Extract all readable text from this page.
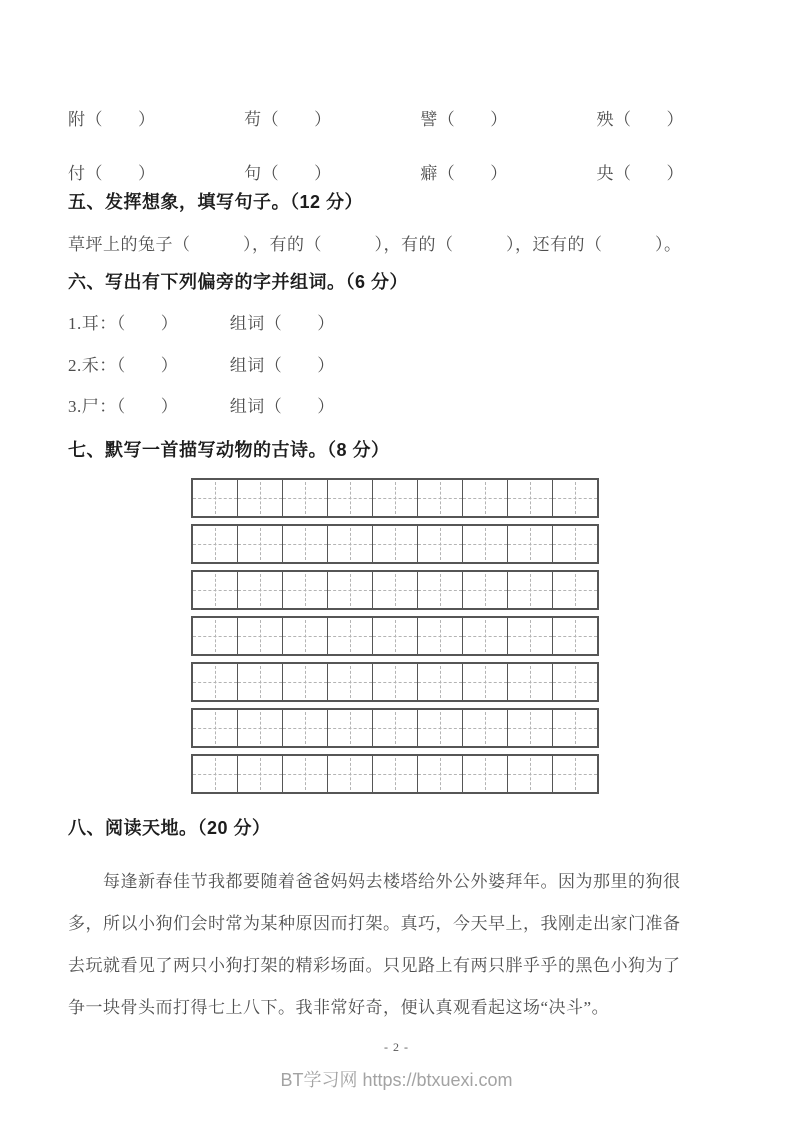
附（　　）	苟（　　）	譬（　　）	殃（　　）
付（　　）	句（　　）	癖（　　）	央（　　）
五、发挥想象，填写句子。（12 分）
草坪上的兔子（　　　），有的（　　　），有的（　　　），还有的（　　　）。
六、写出有下列偏旁的字并组词。（6 分）
1.耳：（　　）	组词（　　）
2.禾：（　　）	组词（　　）
3.尸：（　　）	组词（　　）
七、默写一首描写动物的古诗。（8 分）
八、阅读天地。（20 分）
每逢新春佳节我都要随着爸爸妈妈去楼塔给外公外婆拜年。因为那里的狗很
多，所以小狗们会时常为某种原因而打架。真巧，今天早上，我刚走出家门准备
去玩就看见了两只小狗打架的精彩场面。只见路上有两只胖乎乎的黑色小狗为了
争一块骨头而打得七上八下。我非常好奇，便认真观看起这场“决斗”。
- 2 -
BT学习网 https://btxuexi.com
